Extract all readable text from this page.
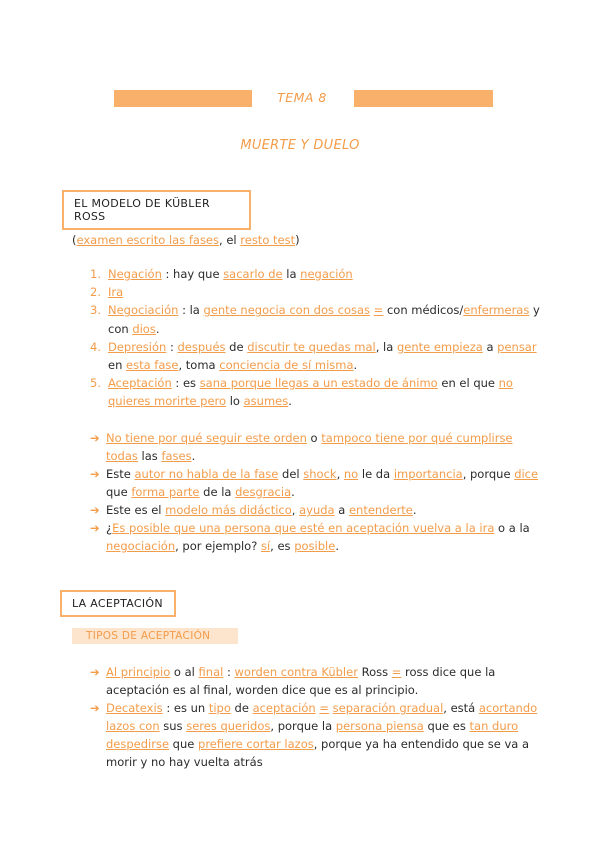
TEMA 8
MUERTE Y DUELO
EL MODELO DE KÜBLER ROSS
(examen escrito las fases, el resto test)
1. Negación : hay que sacarlo de la negación
2. Ira
3. Negociación : la gente negocia con dos cosas = con médicos/enfermeras y
con dios.
4. Depresión : después de discutir te quedas mal, la gente empieza a pensar
en esta fase, toma conciencia de sí misma.
5. Aceptación : es sana porque llegas a un estado de ánimo en el que no
quieres morirte pero lo asumes.
➔ No tiene por qué seguir este orden o tampoco tiene por qué cumplirse
todas las fases.
➔ Este autor no habla de la fase del shock, no le da importancia, porque dice
que forma parte de la desgracia.
➔ Este es el modelo más didáctico, ayuda a entenderte.
➔ ¿Es posible que una persona que esté en aceptación vuelva a la ira o a la
negociación, por ejemplo? sí, es posible.
LA ACEPTACIÓN
TIPOS DE ACEPTACIÓN
➔ Al principio o al final : worden contra Kübler Ross = ross dice que la
aceptación es al final, worden dice que es al principio.
➔ Decatexis : es un tipo de aceptación = separación gradual, está acortando
lazos con sus seres queridos, porque la persona piensa que es tan duro
despedirse que prefiere cortar lazos, porque ya ha entendido que se va a
morir y no hay vuelta atrás
